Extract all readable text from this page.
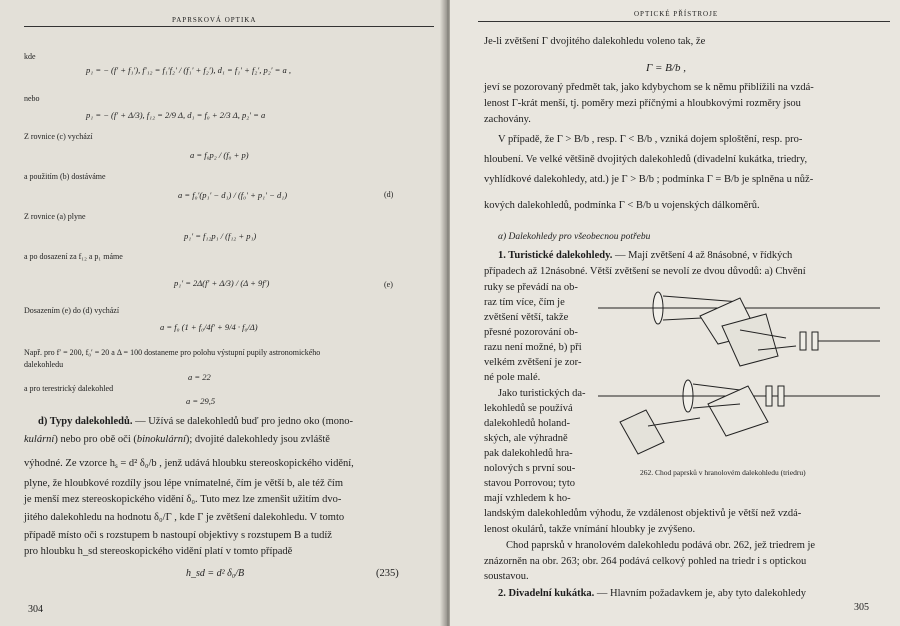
PAPRSKOVÁ OPTIKA
kde
p₁ = − (f′ + f₁′), f′₁₂ = f₁′f₂′ / (f₁′ + f₂′), d₁ = f₁′ + f₂′, p₂′ = a ,
nebo
p₁ = − (f′ + Δ/3), f₁₂ = 2/9 Δ, d₁ = f₀ + 2/3 Δ, p₂′ = a
Z rovnice (c) vychází
a = f₀p₂ / (f₀ + p)
a použitím (b) dostáváme
a = f₀′(p₁′ − d₁) / (f₀′ + p₁′ − d₁)	(d)
Z rovnice (a) plyne
p₁′ = f₁₂p₁ / (f₁₂ + p₁)
a po dosazení za f₁₂ a p₁ máme
p₁′ = 2Δ(f′ + Δ/3) / (Δ + 9f′)	(e)
Dosazením (e) do (d) vychází
a = f₀ (1 + f₀/4f′ + 9/4 · f₀/Δ)
Např. pro f′ = 200, f₀′ = 20 a Δ = 100 dostaneme pro polohu výstupní pupily astronomického
dalekohledu
a = 22
a pro terestrický dalekohled
a = 29,5
d) Typy dalekohledů. — Užívá se dalekohledů buď pro jedno oko (mono-
kulární) nebo pro obě oči (binokulární); dvojité dalekohledy jsou zvláště
výhodné. Ze vzorce hs = d² δ₀/b , jenž udává hloubku stereoskopického vidění,
plyne, že hloubkové rozdíly jsou lépe vnímatelné, čím je větší b, ale též čím
je menší mez stereoskopického vidění δ₀. Tuto mez lze zmenšit užitím dvo-
jitého dalekohledu na hodnotu δ₀/Γ , kde Γ je zvětšení dalekohledu. V tomto
případě místo oči s rozstupem b nastoupí objektivy s rozstupem B a tudíž
pro hloubku h_sd stereoskopického vidění platí v tomto případě
h_sd = d² δ₀/B	(235)
304
OPTICKÉ PŘÍSTROJE
Je-li zvětšení Γ dvojitého dalekohledu voleno tak, že
Γ = B/b ,
jeví se pozorovaný předmět tak, jako kdybychom se k němu přiblížili na vzdá-
lenost Γ-krát menší, tj. poměry mezi příčnými a hloubkovými rozměry jsou
zachovány.
V případě, že Γ > B/b , resp. Γ < B/b , vzniká dojem sploštění, resp. pro-
hloubení. Ve velké většině dvojitých dalekohledů (divadelní kukátka, triedry,
vyhlídkové dalekohledy, atd.) je Γ > B/b ; podmínka Γ = B/b je splněna u nůž-
kových dalekohledů, podmínka Γ < B/b u vojenských dálkoměrů.
α) Dalekohledy pro všeobecnou potřebu
1. Turistické dalekohledy. — Mají zvětšení 4 až 8násobné, v řídkých
případech až 12násobné. Větší zvětšení se nevolí ze dvou důvodů: a) Chvění
ruky se převádí na ob-
raz tím více, čím je
zvětšení větší, takže
přesné pozorování ob-
razu není možné, b) při
velkém zvětšení je zor-
né pole malé.
Jako turistických da-
lekohledů se používá
dalekohledů holand-
ských, ale výhradně
pak dalekohledů hra-
nolových s první sou-
stavou Porrovou; tyto
mají vzhledem k ho-
landským dalekohledům výhodu, že vzdálenost objektivů je větší než vzdá-
lenost okulárů, takže vnímání hloubky je zvýšeno.
262. Chod paprsků v hranolovém dalekohledu (triedru)
Chod paprsků v hranolovém dalekohledu podává obr. 262, jež triedrem je
znázorněn na obr. 263; obr. 264 podává celkový pohled na triedr i s optickou
soustavou.
2. Divadelní kukátka. — Hlavním požadavkem je, aby tyto dalekohledy
305
